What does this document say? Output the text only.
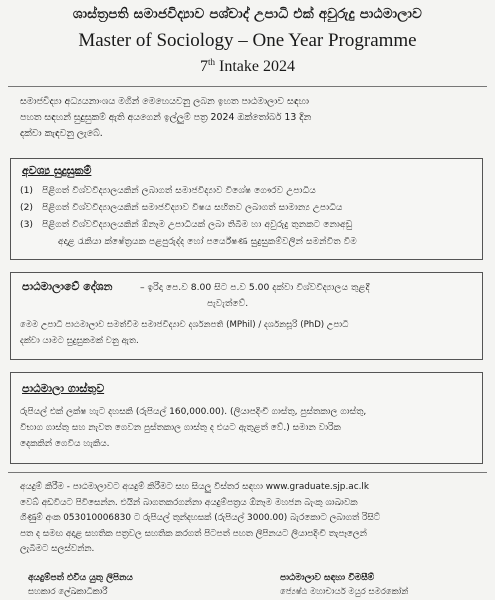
ශාස්ත්‍රපති සමාජවිද්‍යාව පශ්චාද් උපාධි එක් අවුරුදු පාඨමාලාව
Master of Sociology – One Year Programme
7th Intake 2024
සමාජවිද්‍යා අධ්‍යයනාංශය මගින් මෙහෙයවනු ලබන ඉහත පාඨමාලාව සඳහා
පහත සඳහන් සුදුසුකම් ඇති අයගෙන් ඉල්ලුම් පත්‍ර 2024 ඔක්තෝබර් 13 දින
දක්වා කැඳවනු ලැබේ.
අවශ්‍ය සුදුසුකම්
(1) පිළිගත් විශ්වවිද්‍යාලයකින් ලබාගත් සමාජවිද්‍යාව විශේෂ ගෞරව උපාධිය
(2) පිළිගත් විශ්වවිද්‍යාලයකින් සමාජවිද්‍යාව විෂය සහිතව ලබාගත් සාමාන්‍ය උපාධිය
(3) පිළිගත් විශ්වවිද්‍යාලයකින් ඕනෑම උපාධියක් ලබා තිබීම හා අවුරුදු තුනකට නොඅඩු
අදාළ රැකියා ක්ෂේත්‍රයක පළපුරුද්ද හෝ පර්යේෂණ සුදුසුකම්වලින් සමන්විත වීම
පාඨමාලාවේ දේශන	– ඉරිදා පෙ.ව 8.00 සිට ප.ව 5.00 දක්වා විශ්වවිද්‍යාලය තුළදී
පැවැත්වේ.
මෙම උපාධි පාඨමාලාව සමත්වීම සමාජවිද්‍යාව දර්ශනපති (MPhil) / දර්ශනසූරි (PhD) උපාධි
දක්වා යාමට සුදුසුකමක් වනු ඇත.
පාඨමාලා ගාස්තුව
රුපියල් එක් ලක්ෂ හැට දහසකි (රුපියල් 160,000.00). (ලියාපදිංචි ගාස්තු, පුස්තකාල ගාස්තු,
විභාග ගාස්තු සහ නැවත ගෙවන පුස්තකාල ගාස්තු ද එයට ඇතුළත් වේ.) සමාන වාරික
දෙකකින් ගෙවිය හැකිය.
අයදුම් කිරීම - පාඨමාලාවට අයදුම් කිරීමට සහ සියලු විස්තර සඳහා www.graduate.sjp.ac.lk
වෙබ් අඩවියට පිවිසෙන්න. එයින් බාගතකරගන්නා අයදුම්පත්‍රය ඕනෑම මහජන බැංකු ශාඛාවක
ගිණුම් අංක 053010006830 ට රුපියල් තුන්දහසක් (රුපියල් 3000.00) බැරකොට ලබාගත් රිසිට්
පත ද සමඟ අදාළ සහතික පත්‍රවල සහතික කරගත් පිටපත් පහත ලිපිනයට ලියාපදිංචි තැපෑලෙන්
ලැබීමට සලස්වන්න.
අයදුම්පත් එවිය යුතු ලිපිනය
සහකාර ලේඛකාධිකාරී
පාඨමාලාව සඳහා විමසීම්
ජ්‍යෙෂ්ඨ මහාචාර්ය මයුර සමරකෝන්
